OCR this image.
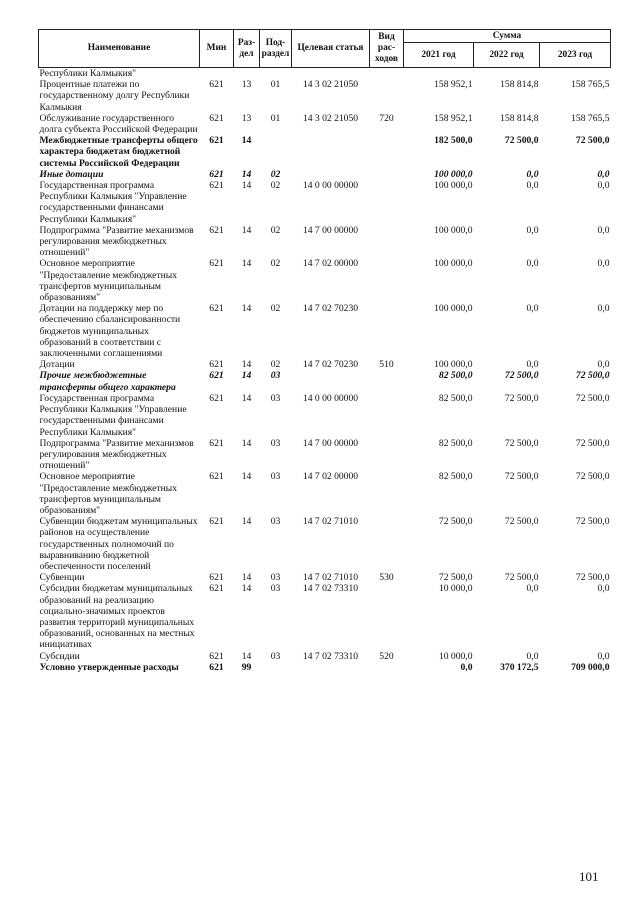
Наименование	Мин	Раз-дел	Под-раздел	Целевая статья	Вид рас-ходов	Сумма		
						2021 год	2022 год	2023 год
Республики Калмыкия"								
Процентные платежи по государственному долгу Республики Калмыкия	621	13	01	14 3 02 21050		158 952,1	158 814,8	158 765,5
Обслуживание государственного долга субъекта Российской Федерации	621	13	01	14 3 02 21050	720	158 952,1	158 814,8	158 765,5
Межбюджетные трансферты общего характера бюджетам бюджетной системы Российской Федерации	621	14				182 500,0	72 500,0	72 500,0
Иные дотации	621	14	02			100 000,0	0,0	0,0
Государственная программа Республики Калмыкия "Управление государственными финансами Республики Калмыкия"	621	14	02	14 0 00 00000		100 000,0	0,0	0,0
Подпрограмма "Развитие механизмов регулирования межбюджетных отношений"	621	14	02	14 7 00 00000		100 000,0	0,0	0,0
Основное мероприятие "Предоставление межбюджетных трансфертов муниципальным образованиям"	621	14	02	14 7 02 00000		100 000,0	0,0	0,0
Дотации на поддержку мер по обеспечению сбалансированности бюджетов муниципальных образований в соответствии с заключенными соглашениями	621	14	02	14 7 02 70230		100 000,0	0,0	0,0
Дотации	621	14	02	14 7 02 70230	510	100 000,0	0,0	0,0
Прочие межбюджетные трансферты общего характера	621	14	03			82 500,0	72 500,0	72 500,0
Государственная программа Республики Калмыкия "Управление государственными финансами Республики Калмыкия"	621	14	03	14 0 00 00000		82 500,0	72 500,0	72 500,0
Подпрограмма "Развитие механизмов регулирования межбюджетных отношений"	621	14	03	14 7 00 00000		82 500,0	72 500,0	72 500,0
Основное мероприятие "Предоставление межбюджетных трансфертов муниципальным образованиям"	621	14	03	14 7 02 00000		82 500,0	72 500,0	72 500,0
Субвенции бюджетам муниципальных районов на осуществление государственных полномочий по выравниванию бюджетной обеспеченности поселений	621	14	03	14 7 02 71010		72 500,0	72 500,0	72 500,0
Субвенции	621	14	03	14 7 02 71010	530	72 500,0	72 500,0	72 500,0
Субсидии бюджетам муниципальных образований на реализацию социально-значимых проектов развития территорий муниципальных образований, основанных на местных инициативах	621	14	03	14 7 02 73310		10 000,0	0,0	0,0
Субсидии	621	14	03	14 7 02 73310	520	10 000,0	0,0	0,0
Условно утвержденные расходы	621	99				0,0	370 172,5	709 000,0
101
